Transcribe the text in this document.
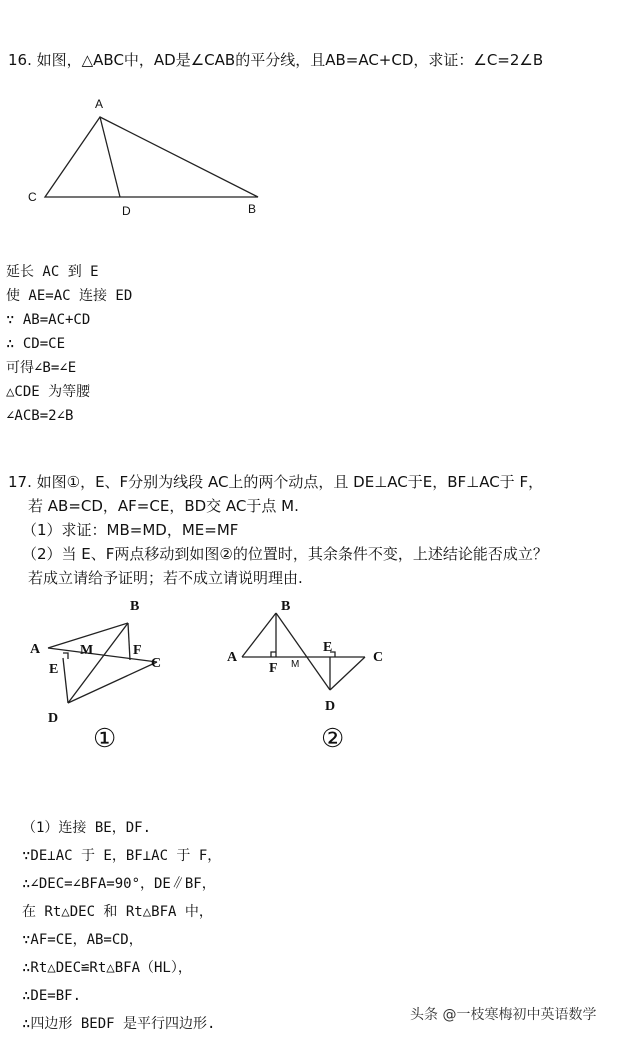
16. 如图，△ABC中，AD是∠CAB的平分线，且AB=AC+CD，求证：∠C=2∠B
A
C
D	B
A
B
M	F
C
E
D
①
A
B
F M
E
C
D
②
延长 AC 到 E
使 AE=AC 连接 ED
∵ AB=AC+CD
∴ CD=CE
可得∠B=∠E
△CDE 为等腰
∠ACB=2∠B
17. 如图①，E、F分别为线段 AC上的两个动点，且 DE⊥AC于E，BF⊥AC于 F，
若 AB=CD，AF=CE，BD交 AC于点 M.
（1）求证：MB=MD，ME=MF
（2）当 E、F两点移动到如图②的位置时，其余条件不变，上述结论能否成立？
若成立请给予证明；若不成立请说明理由.
（1）连接 BE，DF.
∵DE⊥AC 于 E，BF⊥AC 于 F，
∴∠DEC=∠BFA=90°，DE∥BF，
在 Rt△DEC 和 Rt△BFA 中，
∵AF=CE，AB=CD，
∴Rt△DEC≌Rt△BFA（HL），
∴DE=BF.
∴四边形 BEDF 是平行四边形.
头条 @一枝寒梅初中英语数学
